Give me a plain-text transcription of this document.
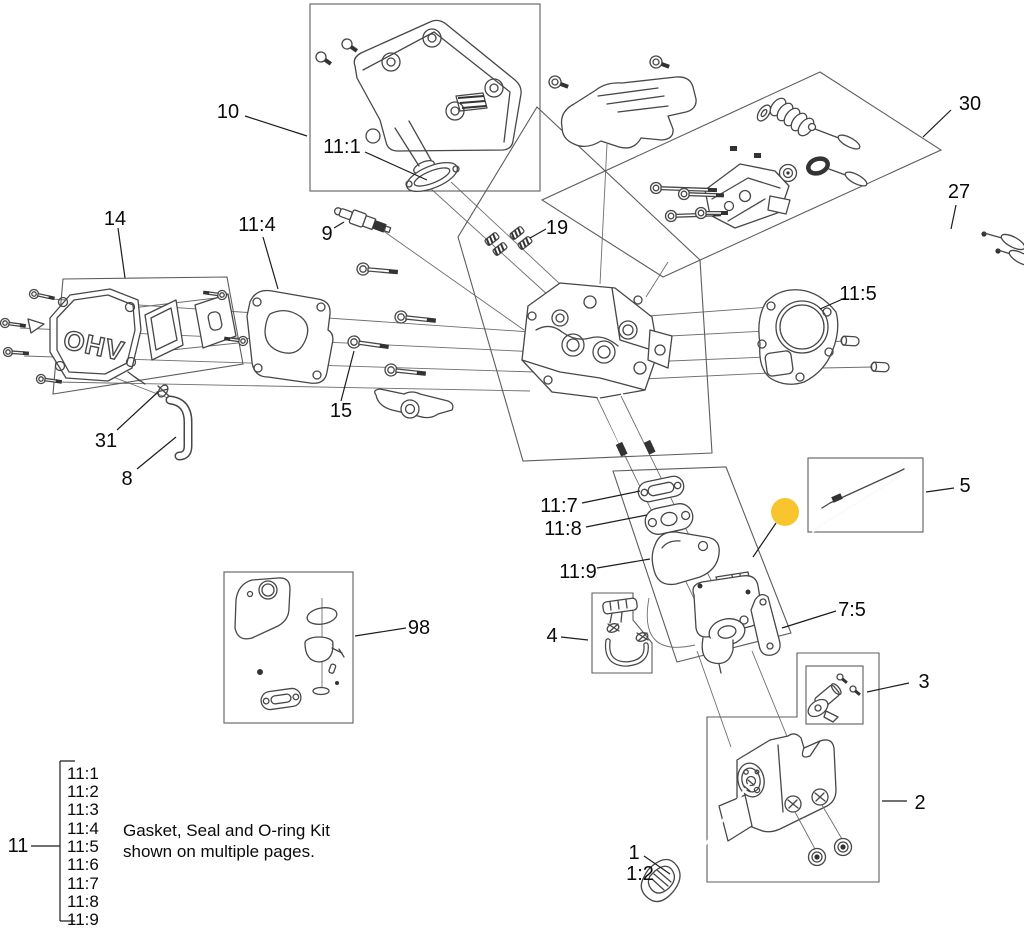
OHV
10
11:1
30
27
14	11:4 9	19
11:5
15
31
8
11:7
11:8
11:9
5
7:5
4
98
3
2
1
1:2
11
11:1
11:2
11:3
11:4
11:5
11:6
11:7
11:8
11:9
Gasket, Seal and O-ring Kit
shown on multiple pages.
